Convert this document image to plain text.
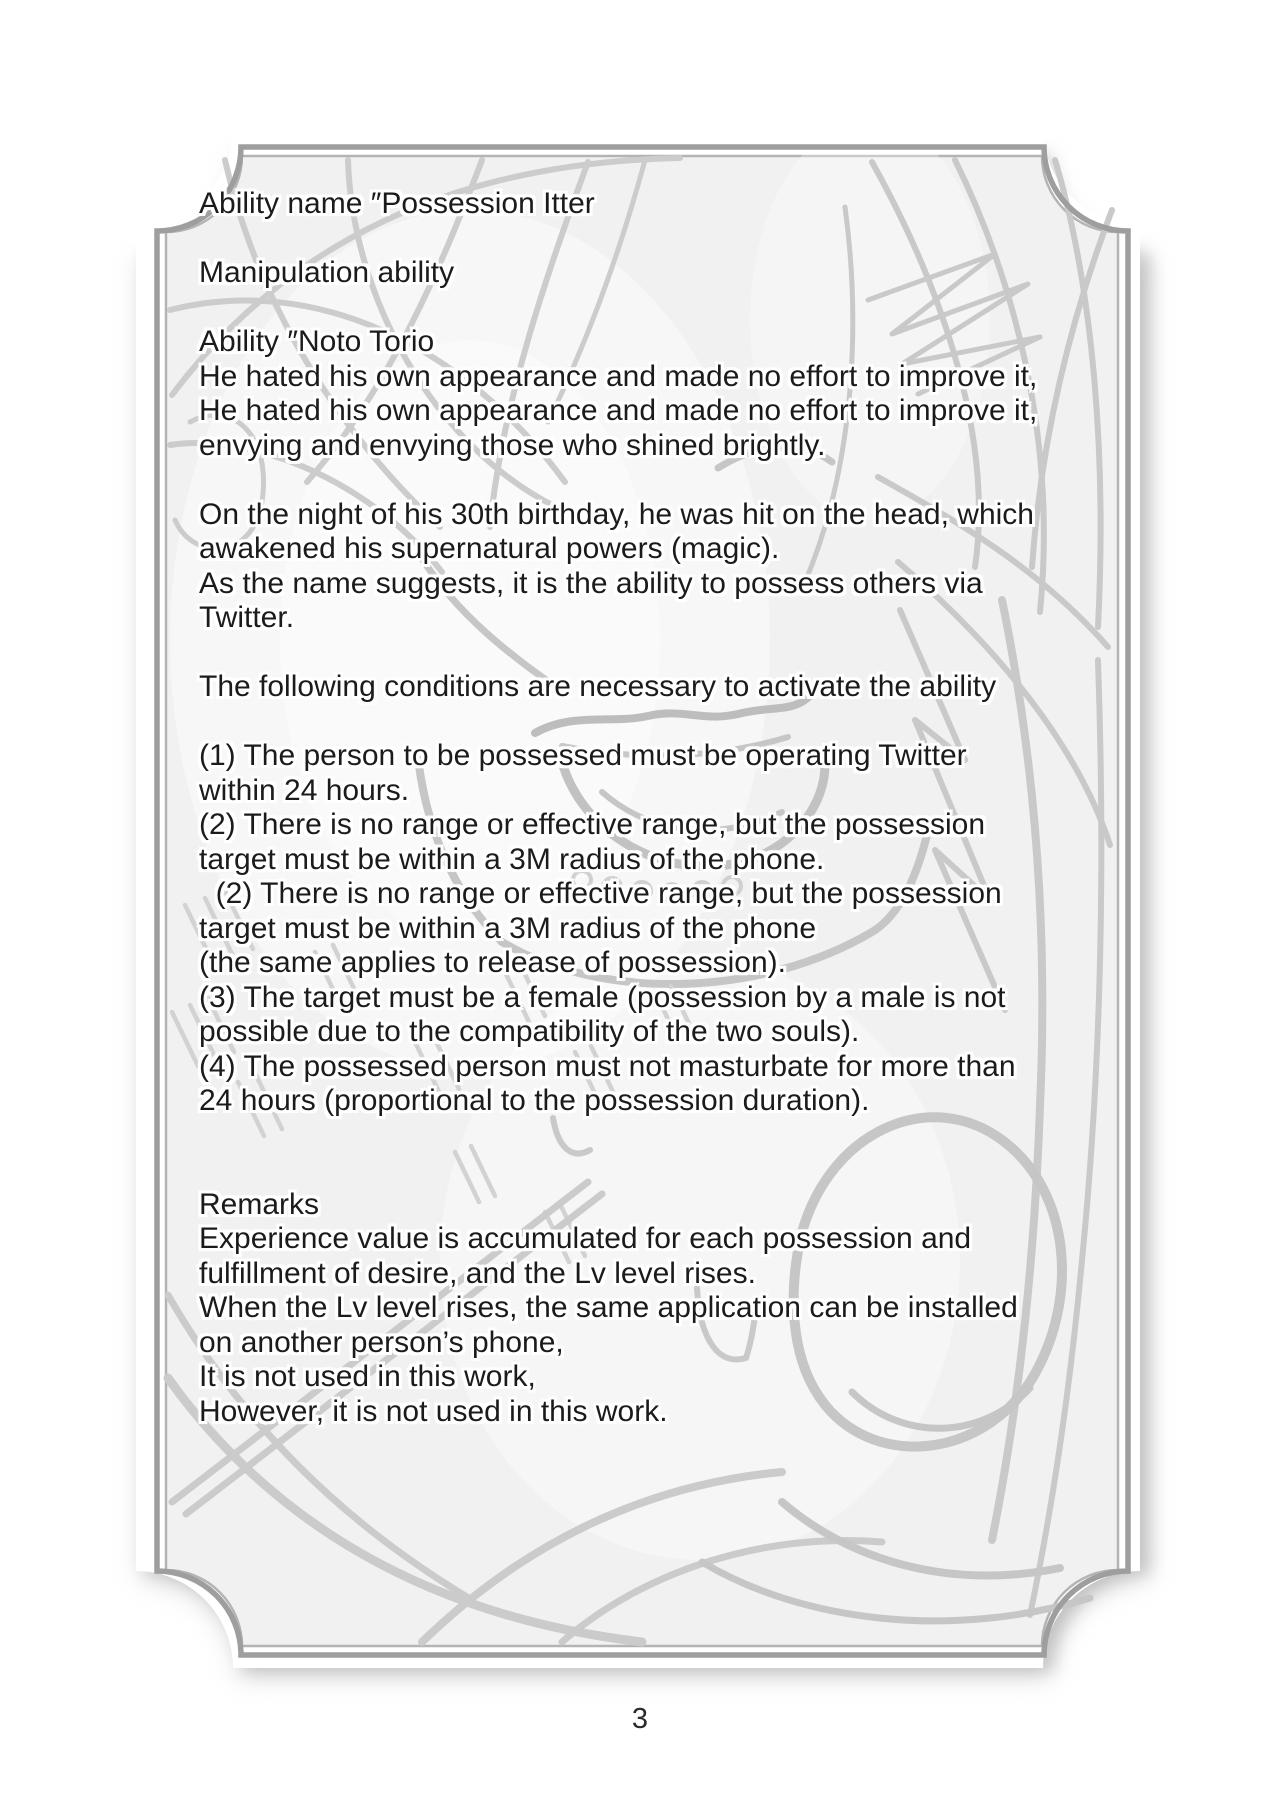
Ability name ″Possession Itter

Manipulation ability

Ability ″Noto Torio
He hated his own appearance and made no effort to improve it,
He hated his own appearance and made no effort to improve it,
envying and envying those who shined brightly.

On the night of his 30th birthday, he was hit on the head, which
awakened his supernatural powers (magic).
As the name suggests, it is the ability to possess others via
Twitter.

The following conditions are necessary to activate the ability

(1) The person to be possessed must be operating Twitter
within 24 hours.
(2) There is no range or effective range, but the possession
target must be within a 3M radius of the phone.
(2) There is no range or effective range, but the possession
target must be within a 3M radius of the phone
(the same applies to release of possession).
(3) The target must be a female (possession by a male is not
possible due to the compatibility of the two souls).
(4) The possessed person must not masturbate for more than
24 hours (proportional to the possession duration).

Remarks
Experience value is accumulated for each possession and
fulfillment of desire, and the Lv level rises.
When the Lv level rises, the same application can be installed
on another person’s phone,
It is not used in this work,
However, it is not used in this work.
3
